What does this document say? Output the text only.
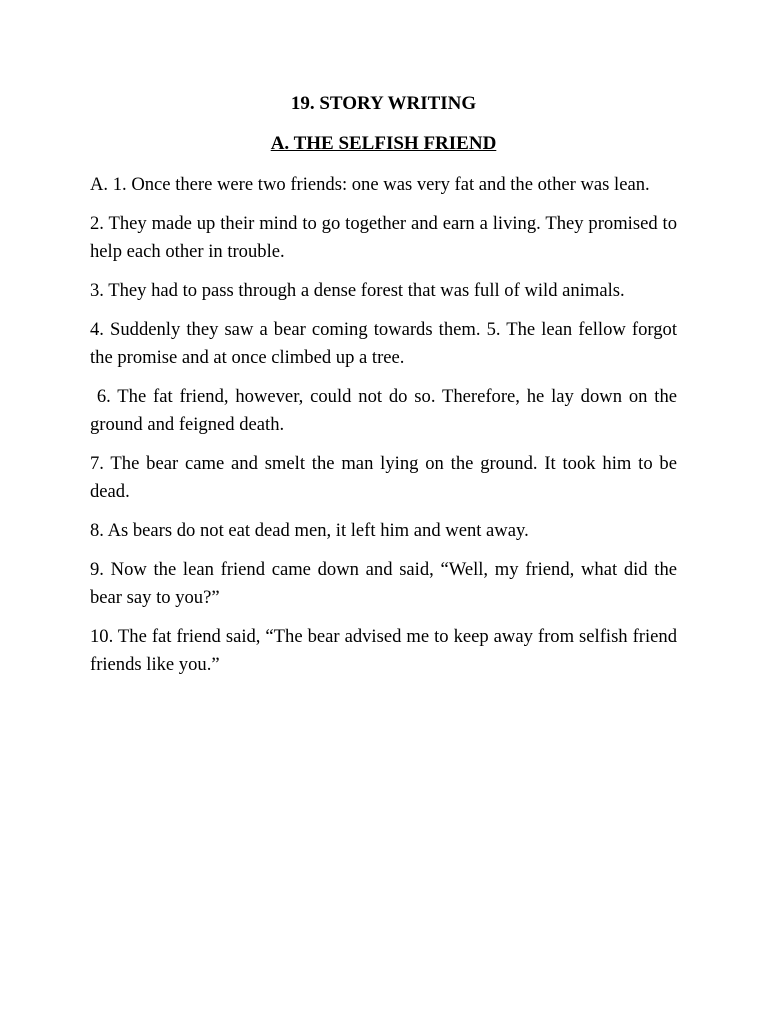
19. STORY WRITING
A. THE SELFISH FRIEND

A. 1. Once there were two friends: one was very fat and the other was lean.

2. They made up their mind to go together and earn a living. They promised to help each other in trouble.

3. They had to pass through a dense forest that was full of wild animals.

4. Suddenly they saw a bear coming towards them. 5. The lean fellow forgot the promise and at once climbed up a tree.

6. The fat friend, however, could not do so. Therefore, he lay down on the ground and feigned death.

7. The bear came and smelt the man lying on the ground. It took him to be dead.

8. As bears do not eat dead men, it left him and went away.

9. Now the lean friend came down and said, “Well, my friend, what did the bear say to you?”

10. The fat friend said, “The bear advised me to keep away from selfish friend friends like you.”
